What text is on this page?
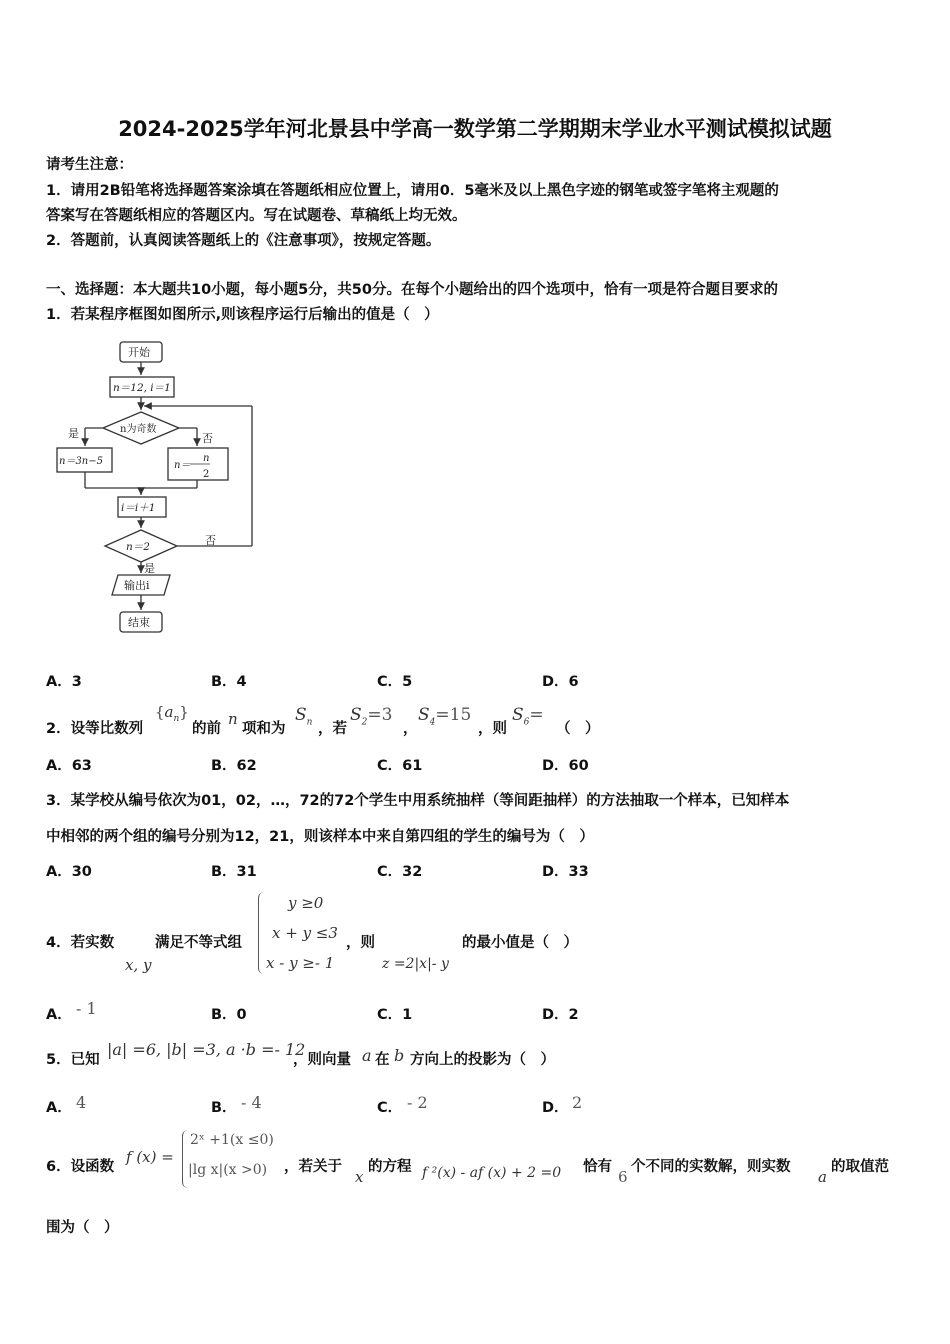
2024-2025学年河北景县中学高一数学第二学期期末学业水平测试模拟试题
请考生注意：
1．请用2B铅笔将选择题答案涂填在答题纸相应位置上，请用0．5毫米及以上黑色字迹的钢笔或签字笔将主观题的
答案写在答题纸相应的答题区内。写在试题卷、草稿纸上均无效。
2．答题前，认真阅读答题纸上的《注意事项》，按规定答题。
一、选择题：本大题共10小题，每小题5分，共50分。在每个小题给出的四个选项中，恰有一项是符合题目要求的
1．若某程序框图如图所示,则该程序运行后输出的值是（　）
开始
n＝12, i＝1
n为奇数
是	否
n＝3n−5	n＝
n
2
i＝i＋1
n＝2	否
是
输出i
结束
A．3	B．4	C．5	D．6
2．设等比数列
$\{a_n\}$
的前
n
项和为
$S_n$ ，若
$S_2=3$
，
$S_4=15$
，则
$S_6=$
（　）
A．63	B．62	C．61	D．60
3．某学校从编号依次为01，02，…，72的72个学生中用系统抽样（等间距抽样）的方法抽取一个样本，已知样本
中相邻的两个组的编号分别为12，21，则该样本中来自第四组的学生的编号为（　）
A．30	B．31	C．32	D．33
4．若实数
x, y
满足不等式组
y ≥0
x + y ≤3
x - y ≥- 1
，则
z =2|x|- y
的最小值是（　）
A． - 1	B．0	C．1	D．2
5．已知
|a| =6, |b| =3, a ·b =- 12
，则向量 a 在 b 方向上的投影为（　）
A． 4	B． - 4	C． - 2	D． 2
6．设函数
f (x) =
2ˣ +1(x ≤0)
|lg x|(x >0) ，若关于
x
的方程 f ²(x) - af (x) + 2 =0 恰有
6
个不同的实数解，则实数
a
的取值范
围为（　）
